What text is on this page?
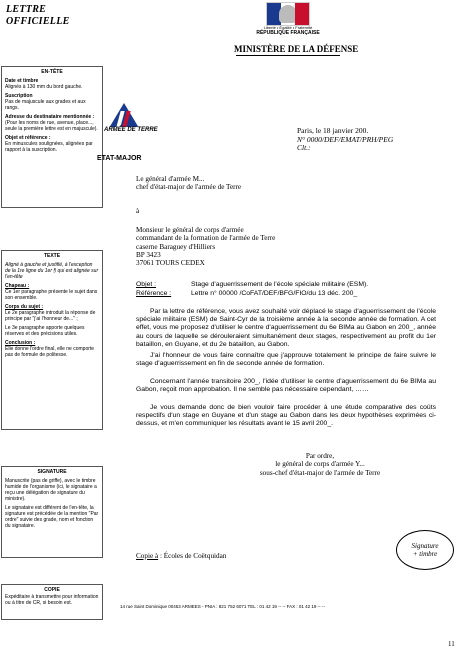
LETTRE
OFFICIELLE
Liberté • Égalité • Fraternité
RÉPUBLIQUE FRANÇAISE
MINISTÈRE DE LA DÉFENSE
EN-TÊTE

Date et timbre
Alignés à 130 mm du bord gauche.

Suscription
Pas de majuscule aux grades et aux rangs.

Adresse du destinataire mentionnée :
(Pour les noms de rue, avenue, place..., seule la première lettre est en majuscule).

Objet et référence :
En minuscules soulignées, alignées par rapport à la suscription.

TEXTE

Aligné à gauche et justifié, à l'exception de la 1re ligne du 1er § qui est alignée sur l'en-tête

Chapeau :
Ce 1er paragraphe présente le sujet dans son ensemble.

Corps du sujet :
Le 2e paragraphe introduit la réponse de principe par "j'ai l'honneur de..." ;

Le 3e paragraphe apporte quelques réserves et des précisions utiles.

Conclusion :
Elle donne l'ordre final, elle ne comporte pas de formule de politesse.

SIGNATURE

Manuscrite (pas de griffe), avec le timbre humide de l'organisme (ici, le signataire a reçu une délégation de signature du ministre).

Le signataire est différent de l'en-tête, la signature est précédée de la mention "Par ordre" suivie des grade, nom et fonction du signataire.

COPIE

Expéditaire à transmettre pour information ou à titre de CR, si besoin est.

ARMÉE DE TERRE
ETAT-MAJOR
Paris, le 18 janvier 200.
N° 0000/DEF/EMAT/PRH/PEG
Clt.:
Le général d'armée M...
chef d'état-major de l'armée de Terre
à
Monsieur le général de corps d'armée
commandant de la formation de l'armée de Terre
caserne Baraguey d'Hilliers
BP 3423
37061 TOURS CEDEX
Objet :	Stage d'aguerrissement de l'école spéciale militaire (ESM).
Référence :	Lettre n° 00000 /CoFAT/DEF/BFG/FIO/du 13 déc. 200_
Par la lettre de référence, vous avez souhaité voir déplacé le stage d'aguerrissement de l'école spéciale militaire (ESM) de Saint-Cyr de la troisième année à la seconde année de formation. A cet effet, vous me proposez d'utiliser le centre d'aguerrissement du 6e BIMa au Gabon en 200_, année au cours de laquelle se dérouleraient simultanément deux stages, respectivement au profit du 1er bataillon, en Guyane, et du 2e bataillon, au Gabon.
J'ai l'honneur de vous faire connaître que j'approuve totalement le principe de faire suivre le stage d'aguerrissement en fin de seconde année de formation.
Concernant l'année transitoire 200_, l'idée d'utiliser le centre d'aguerrissement du 6e BIMa au Gabon, reçoit mon approbation. Il ne semble pas nécessaire cependant, ……
Je vous demande donc de bien vouloir faire procéder à une étude comparative des coûts respectifs d'un stage en Guyane et d'un stage au Gabon dans les deux hypothèses exprimées ci-dessus, et m'en communiquer les résultats avant le 15 avril 200_.
Par ordre,
le général de corps d'armée Y...
sous-chef d'état-major de l'armée de Terre
Signature
+ timbre
Copie à : Écoles de Coëtquidan
14 rue Saint Dominique 00453 ARMEES - PNIA : 821 752 6071 TEL : 01 42 19 -- -- FAX : 01 42 19 -- --
11
